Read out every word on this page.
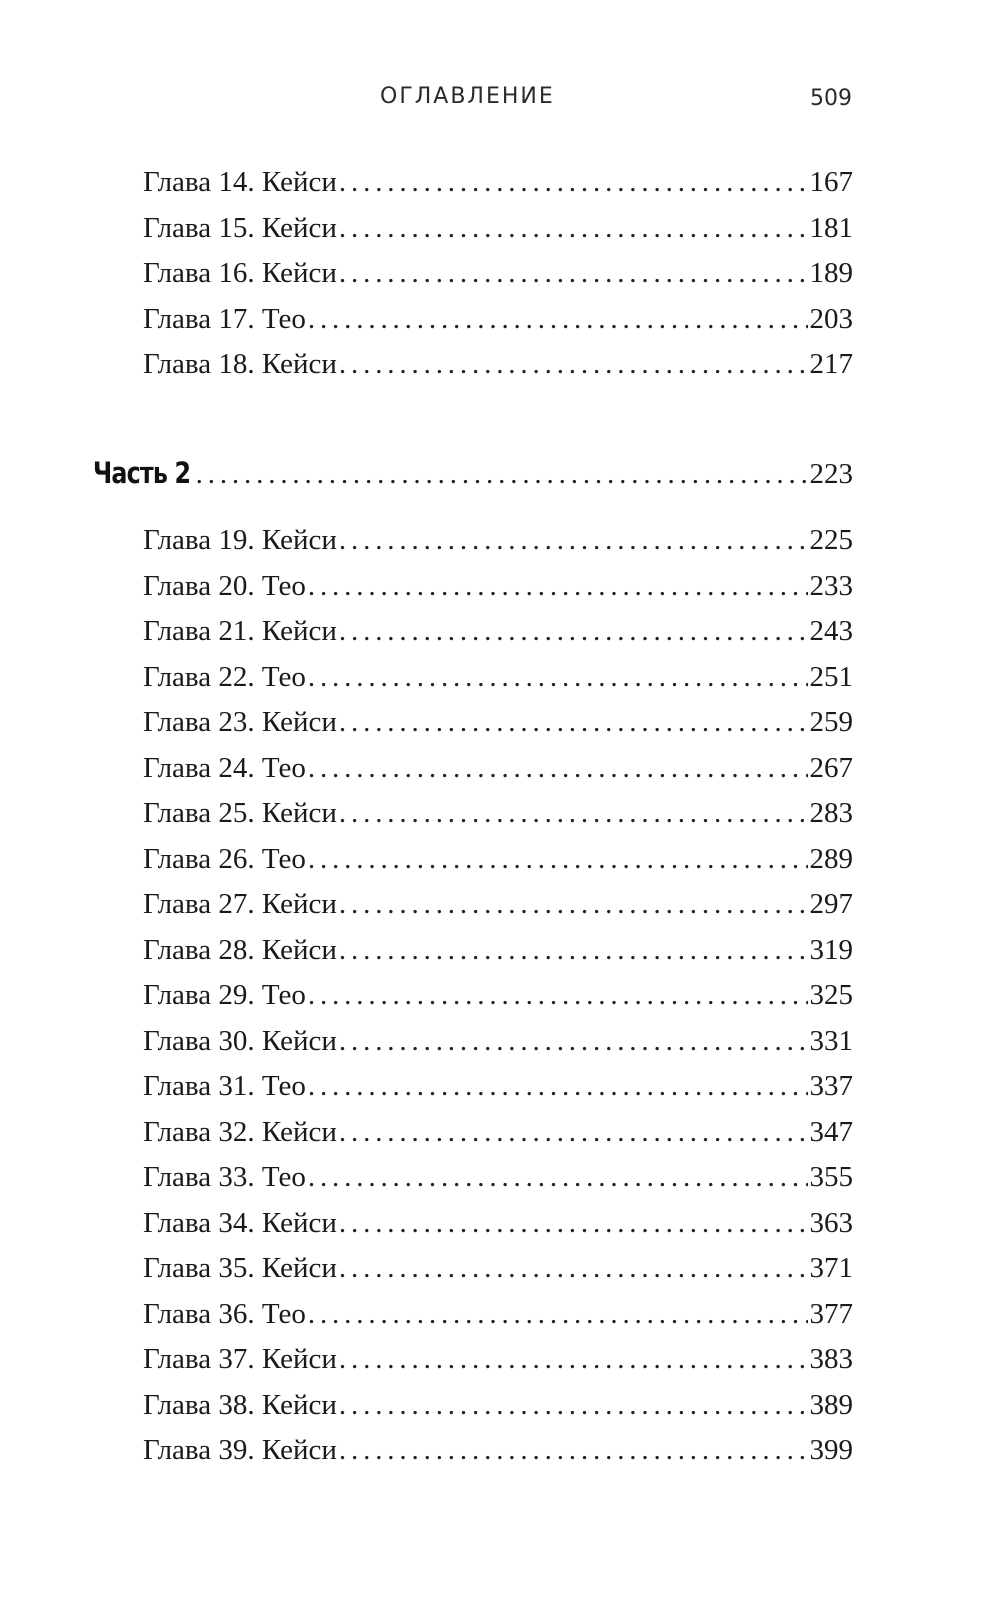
ОГЛАВЛЕНИЕ	509
Глава 14. Кейси . . .	167
Глава 15. Кейси . . .	181
Глава 16. Кейси . . .	189
Глава 17. Тео . . .	203
Глава 18. Кейси . . .	217
Часть 2 . . .	223
Глава 19. Кейси . . .	225
Глава 20. Тео . . .	233
Глава 21. Кейси . . .	243
Глава 22. Тео . . .	251
Глава 23. Кейси . . .	259
Глава 24. Тео . . .	267
Глава 25. Кейси . . .	283
Глава 26. Тео . . .	289
Глава 27. Кейси . . .	297
Глава 28. Кейси . . .	319
Глава 29. Тео . . .	325
Глава 30. Кейси . . .	331
Глава 31. Тео . . .	337
Глава 32. Кейси . . .	347
Глава 33. Тео . . .	355
Глава 34. Кейси . . .	363
Глава 35. Кейси . . .	371
Глава 36. Тео . . .	377
Глава 37. Кейси . . .	383
Глава 38. Кейси . . .	389
Глава 39. Кейси . . .	399
